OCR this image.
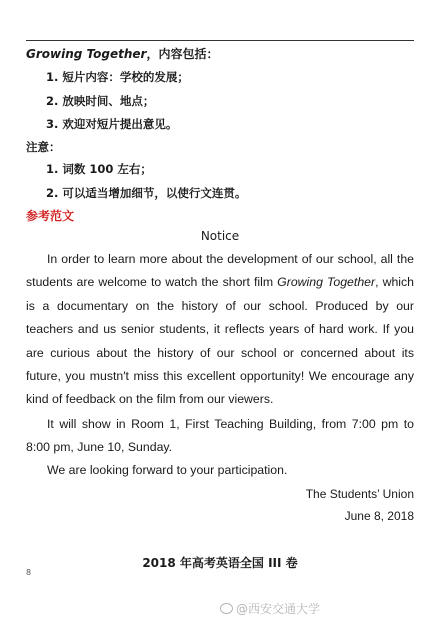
Growing Together，内容包括：
1. 短片内容：学校的发展；
2. 放映时间、地点；
3. 欢迎对短片提出意见。
注意：
1. 词数 100 左右；
2. 可以适当增加细节，以使行文连贯。
参考范文
Notice
In order to learn more about the development of our school, all the students are welcome to watch the short film Growing Together, which is a documentary on the history of our school. Produced by our teachers and us senior students, it reflects years of hard work. If you are curious about the history of our school or concerned about its future, you mustn′t miss this excellent opportunity! We encourage any kind of feedback on the film from our viewers.
It will show in Room 1, First Teaching Building, from 7:00 pm to 8:00 pm, June 10, Sunday.
We are looking forward to your participation.
The Students’ Union
June 8, 2018
2018 年高考英语全国 III 卷
8
@西安交通大学
